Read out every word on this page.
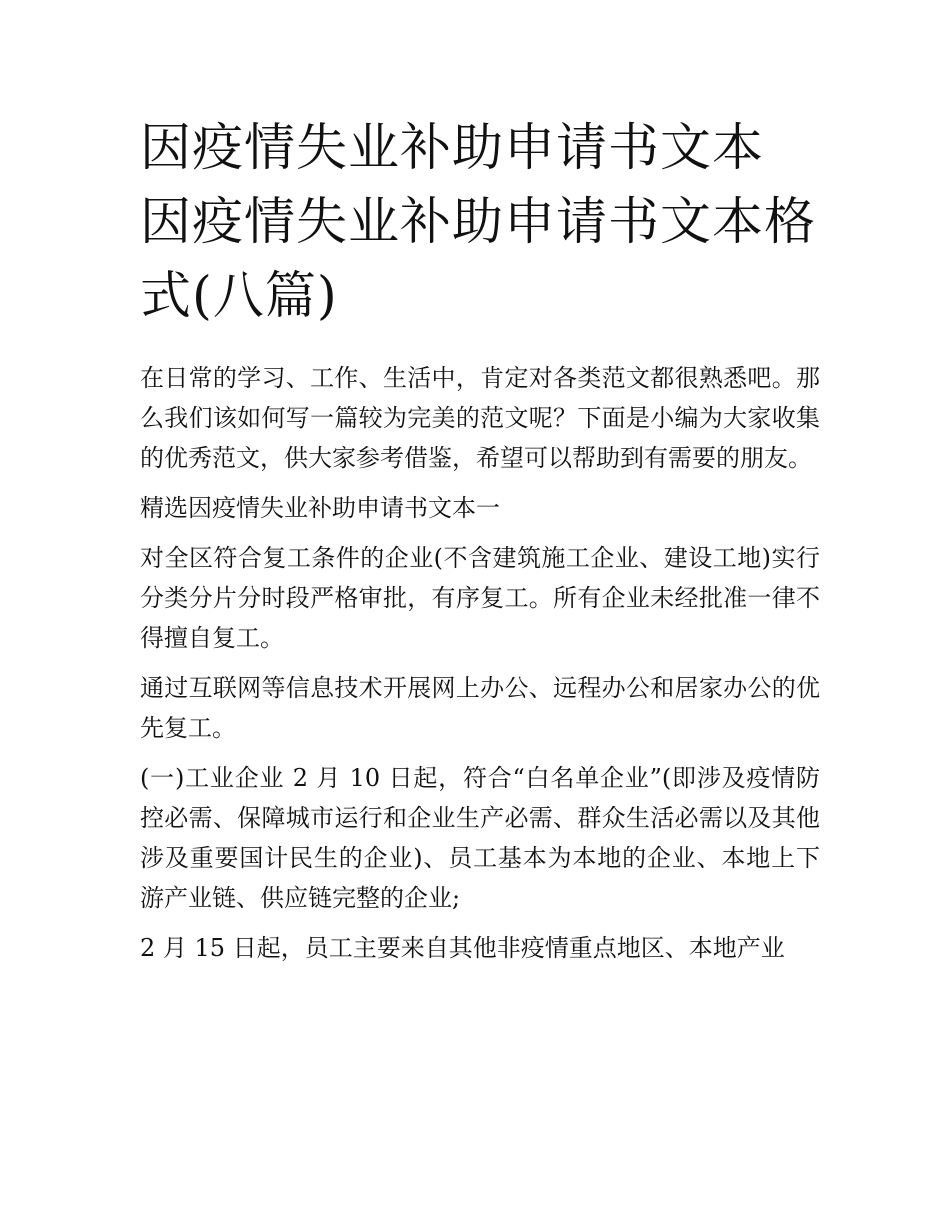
因疫情失业补助申请书文本 因疫情失业补助申请书文本格式(八篇)

在日常的学习、工作、生活中，肯定对各类范文都很熟悉吧。那么我们该如何写一篇较为完美的范文呢？下面是小编为大家收集的优秀范文，供大家参考借鉴，希望可以帮助到有需要的朋友。

精选因疫情失业补助申请书文本一

对全区符合复工条件的企业(不含建筑施工企业、建设工地)实行分类分片分时段严格审批，有序复工。所有企业未经批准一律不得擅自复工。

通过互联网等信息技术开展网上办公、远程办公和居家办公的优先复工。

(一)工业企业 2 月 10 日起，符合“白名单企业”(即涉及疫情防控必需、保障城市运行和企业生产必需、群众生活必需以及其他涉及重要国计民生的企业)、员工基本为本地的企业、本地上下游产业链、供应链完整的企业;

2 月 15 日起，员工主要来自其他非疫情重点地区、本地产业
